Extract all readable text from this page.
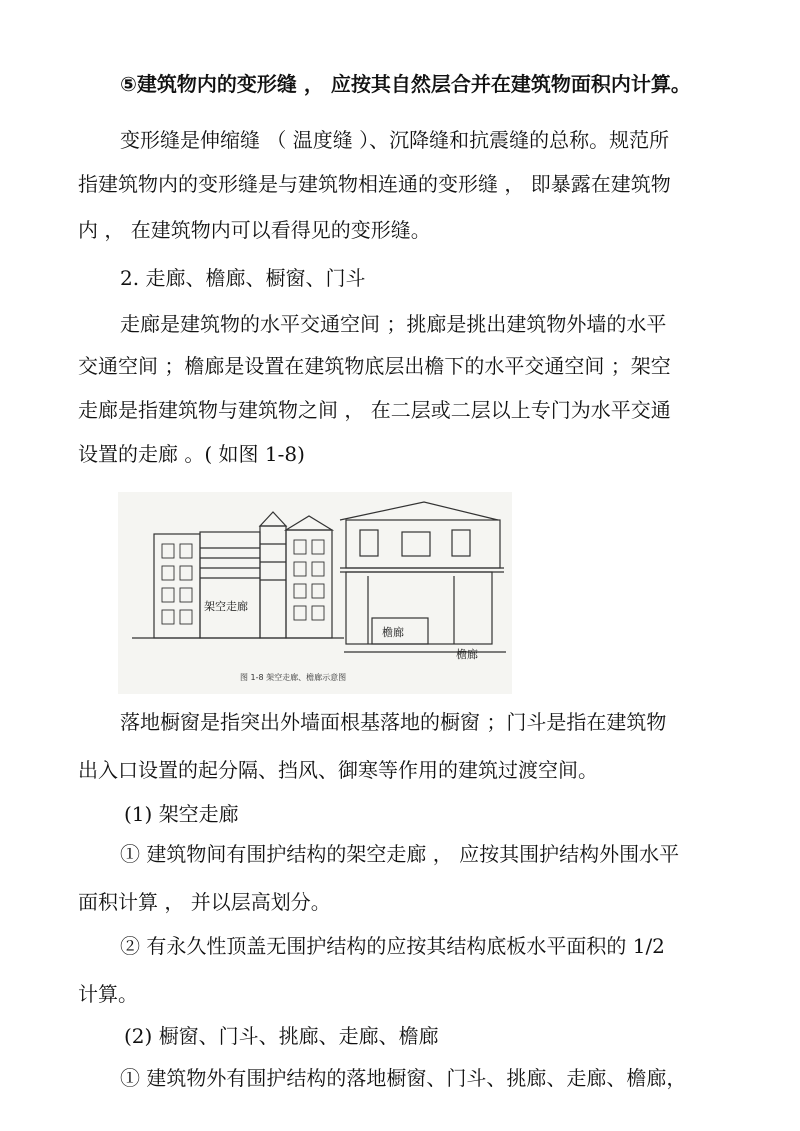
⑤建筑物内的变形缝 ， 应按其自然层合并在建筑物面积内计算。
变形缝是伸缩缝 （ 温度缝 ）、沉降缝和抗震缝的总称。规范所
指建筑物内的变形缝是与建筑物相连通的变形缝 ， 即暴露在建筑物
内 ， 在建筑物内可以看得见的变形缝。
2. 走廊、檐廊、橱窗、门斗
走廊是建筑物的水平交通空间 ；挑廊是挑出建筑物外墙的水平
交通空间 ；檐廊是设置在建筑物底层出檐下的水平交通空间 ；架空
走廊是指建筑物与建筑物之间 ， 在二层或二层以上专门为水平交通
设置的走廊 。( 如图 1-8)
架空走廊
檐廊
檐廊
图 1-8 架空走廊、檐廊示意图
落地橱窗是指突出外墙面根基落地的橱窗 ；门斗是指在建筑物
出入口设置的起分隔、挡风、御寒等作用的建筑过渡空间。
(1) 架空走廊
① 建筑物间有围护结构的架空走廊 ， 应按其围护结构外围水平
面积计算 ， 并以层高划分。
② 有永久性顶盖无围护结构的应按其结构底板水平面积的 1/2
计算。
(2) 橱窗、门斗、挑廊、走廊、檐廊
① 建筑物外有围护结构的落地橱窗、门斗、挑廊、走廊、檐廊，
